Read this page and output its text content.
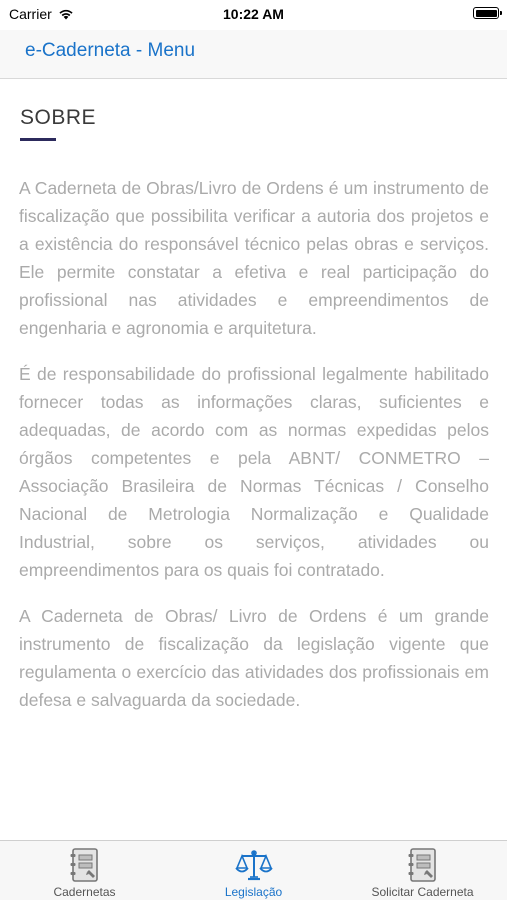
Carrier	10:22 AM
e-Caderneta - Menu
SOBRE

A Caderneta de Obras/Livro de Ordens é um instrumento de fiscalização que possibilita verificar a autoria dos projetos e a existência do responsável técnico pelas obras e serviços. Ele permite constatar a efetiva e real participação do profissional nas atividades e empreendimentos de engenharia e agronomia e arquitetura.

É de responsabilidade do profissional legalmente habilitado fornecer todas as informações claras, suficientes e adequadas, de acordo com as normas expedidas pelos órgãos competentes e pela ABNT/ CONMETRO – Associação Brasileira de Normas Técnicas / Conselho Nacional de Metrologia Normalização e Qualidade Industrial, sobre os serviços, atividades ou empreendimentos para os quais foi contratado.

A Caderneta de Obras/ Livro de Ordens é um grande instrumento de fiscalização da legislação vigente que regulamenta o exercício das atividades dos profissionais em defesa e salvaguarda da sociedade.

Cadernetas	Legislação	Solicitar Caderneta
